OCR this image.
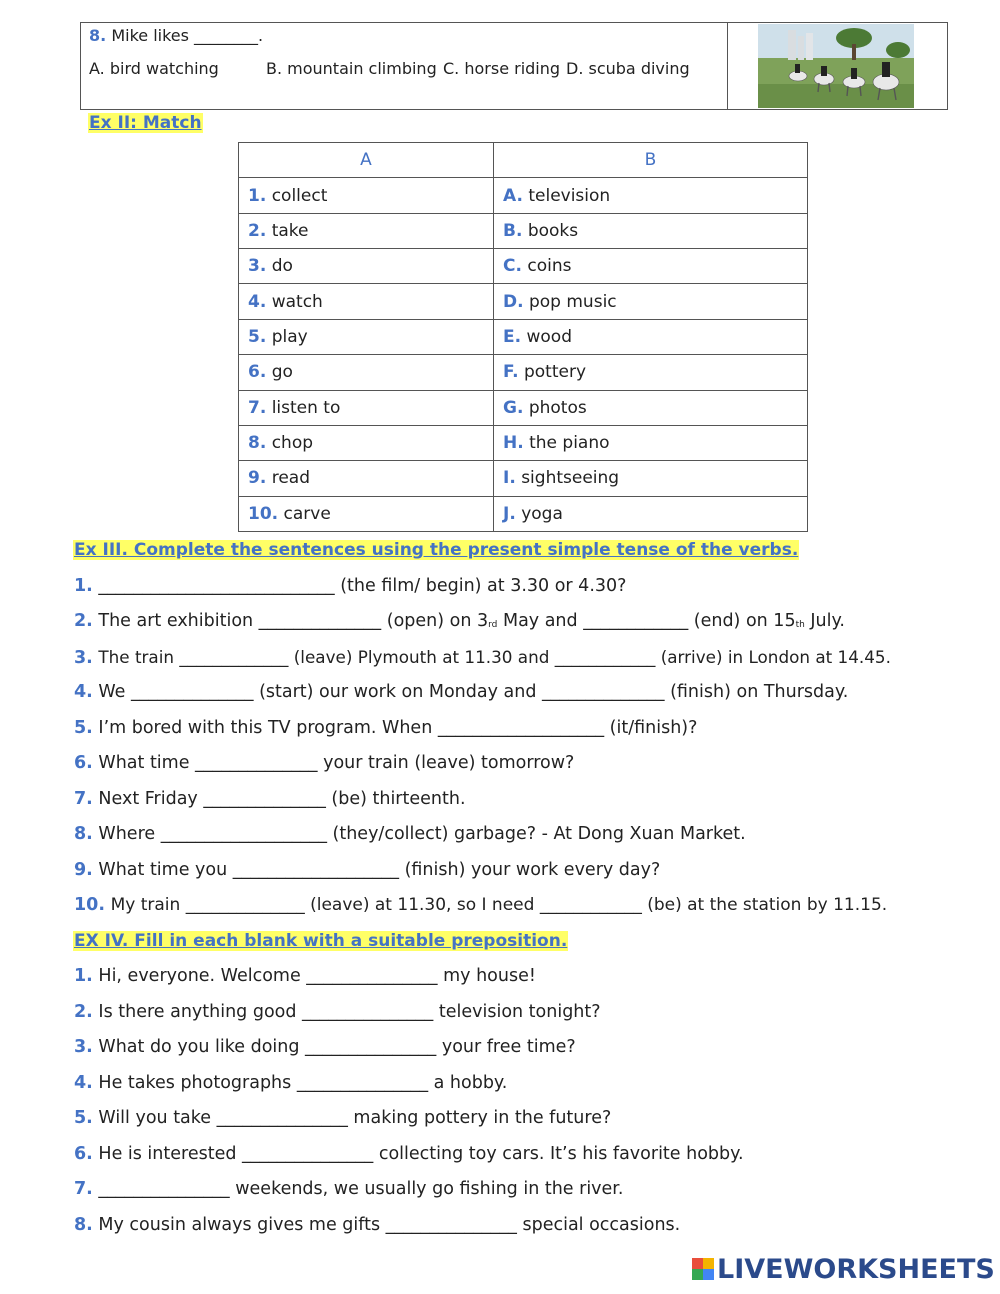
8. Mike likes ________.
A. bird watching	B. mountain climbing C. horse riding D. scuba diving
Ex II: Match
A	B
1. collect	A. television
2. take	B. books
3. do	C. coins
4. watch	D. pop music
5. play	E. wood
6. go	F. pottery
7. listen to	G. photos
8. chop	H. the piano
9. read	I. sightseeing
10. carve	J. yoga
Ex III. Complete the sentences using the present simple tense of the verbs.
1. ___________________________ (the film/ begin) at 3.30 or 4.30?
2. The art exhibition ______________ (open) on 3rd May and ____________ (end) on 15th July.
3. The train _____________ (leave) Plymouth at 11.30 and ____________ (arrive) in London at 14.45.
4. We ______________ (start) our work on Monday and ______________ (finish) on Thursday.
5. I’m bored with this TV program. When ___________________ (it/finish)?
6. What time ______________ your train (leave) tomorrow?
7. Next Friday ______________ (be) thirteenth.
8. Where ___________________ (they/collect) garbage? - At Dong Xuan Market.
9. What time you ___________________ (finish) your work every day?
10. My train ______________ (leave) at 11.30, so I need ____________ (be) at the station by 11.15.
EX IV. Fill in each blank with a suitable preposition.
1. Hi, everyone. Welcome _______________ my house!
2. Is there anything good _______________ television tonight?
3. What do you like doing _______________ your free time?
4. He takes photographs _______________ a hobby.
5. Will you take _______________ making pottery in the future?
6. He is interested _______________ collecting toy cars. It’s his favorite hobby.
7. _______________ weekends, we usually go fishing in the river.
8. My cousin always gives me gifts _______________ special occasions.
LIVEWORKSHEETS
